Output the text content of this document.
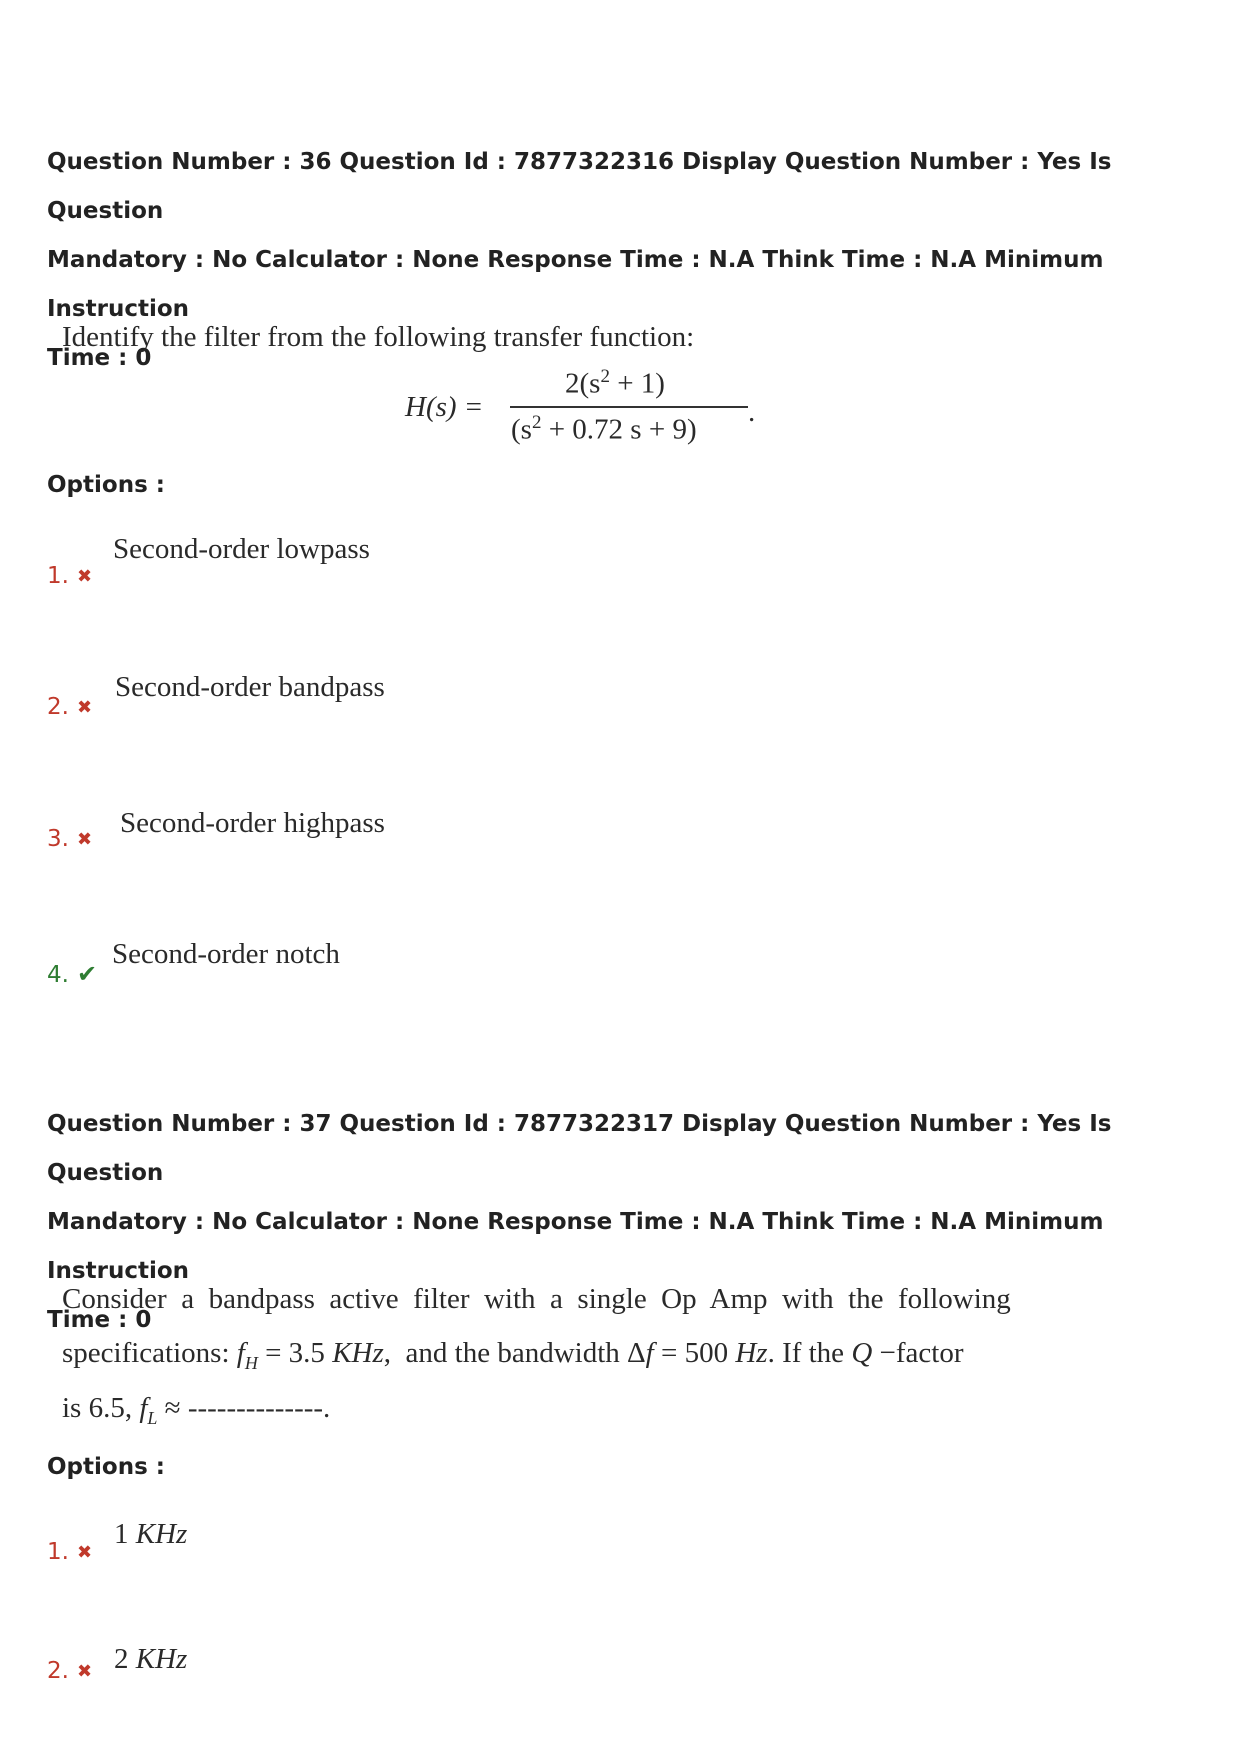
Question Number : 36 Question Id : 7877322316 Display Question Number : Yes Is Question
Mandatory : No Calculator : None Response Time : N.A Think Time : N.A Minimum Instruction
Time : 0
Identify the filter from the following transfer function:
H(s) =
$2(s^2 + 1)$
($s^2 + 0.72$ s + 9)
.
Options :
1. ✖
Second-order lowpass
2. ✖
Second-order bandpass
3. ✖
Second-order highpass
4. ✔
Second-order notch
Question Number : 37 Question Id : 7877322317 Display Question Number : Yes Is Question
Mandatory : No Calculator : None Response Time : N.A Think Time : N.A Minimum Instruction
Time : 0
Consider  a  bandpass  active  filter  with  a  single  Op  Amp  with  the  following
specifications: $f_H = 3.5$ KHz,  and the bandwidth Δf = 500 Hz. If the Q −factor
is 6.5, $f_L$ ≈ --------------.
Options :
1. ✖
1 KHz
2. ✖ 2 KHz
